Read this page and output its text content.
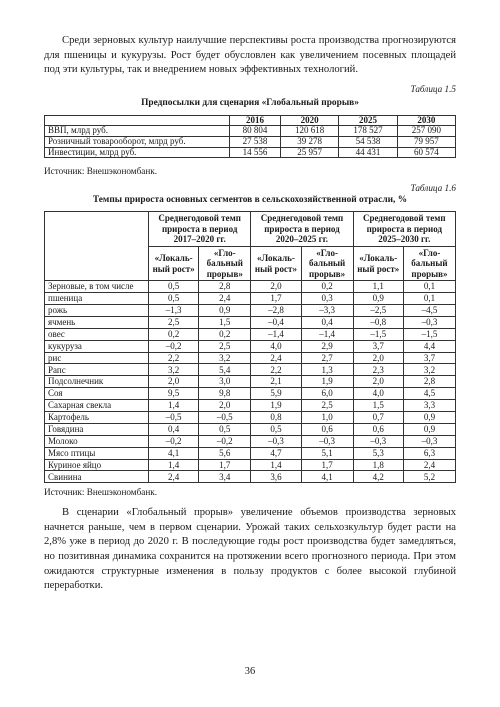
Среди зерновых культур наилучшие перспективы роста производства прогнозируются для пшеницы и кукурузы. Рост будет обусловлен как увеличением посевных площадей под эти культуры, так и внедрением новых эффективных технологий.

Таблица 1.5
Предпосылки для сценария «Глобальный прорыв»
	2016	2020	2025	2030
ВВП, млрд руб.	80 804	120 618	178 527	257 090
Розничный товарооборот, млрд руб.	27 538	39 278	54 538	79 957
Инвестиции, млрд руб.	14 556	25 957	44 431	60 574
Источник: Внешэкономбанк.
Таблица 1.6
Темпы прироста основных сегментов в сельскохозяйственной отрасли, %
	Среднегодовой темп прироста в период 2017–2020 гг.		Среднегодовой темп прироста в период 2020–2025 гг.		Среднегодовой темп прироста в период 2025–2030 гг.	
	«Локаль-ный рост»	«Гло-бальный прорыв»	«Локаль-ный рост»	«Гло-бальный прорыв»	«Локаль-ный рост»	«Гло-бальный прорыв»
Зерновые, в том числе	0,5	2,8	2,0	0,2	1,1	0,1
пшеница	0,5	2,4	1,7	0,3	0,9	0,1
рожь	–1,3	0,9	–2,8	–3,3	–2,5	–4,5
ячмень	2,5	1,5	–0,4	0,4	–0,8	–0,3
овес	0,2	0,2	–1,4	–1,4	–1,5	–1,5
кукуруза	–0,2	2,5	4,0	2,9	3,7	4,4
рис	2,2	3,2	2,4	2,7	2,0	3,7
Рапс	3,2	5,4	2,2	1,3	2,3	3,2
Подсолнечник	2,0	3,0	2,1	1,9	2,0	2,8
Соя	9,5	9,8	5,9	6,0	4,0	4,5
Сахарная свекла	1,4	2,0	1,9	2,5	1,5	3,3
Картофель	–0,5	–0,5	0,8	1,0	0,7	0,9
Говядина	0,4	0,5	0,5	0,6	0,6	0,9
Молоко	–0,2	–0,2	–0,3	–0,3	–0,3	–0,3
Мясо птицы	4,1	5,6	4,7	5,1	5,3	6,3
Куриное яйцо	1,4	1,7	1,4	1,7	1,8	2,4
Свинина	2,4	3,4	3,6	4,1	4,2	5,2
Источник: Внешэкономбанк.

В сценарии «Глобальный прорыв» увеличение объемов производства зерновых начнется раньше, чем в первом сценарии. Урожай таких сельхозкультур будет расти на 2,8% уже в период до 2020 г. В последующие годы рост производства будет замедляться, но позитивная динамика сохранится на протяжении всего прогнозного периода. При этом ожидаются структурные изменения в пользу продуктов с более высокой глубиной переработки.

36
